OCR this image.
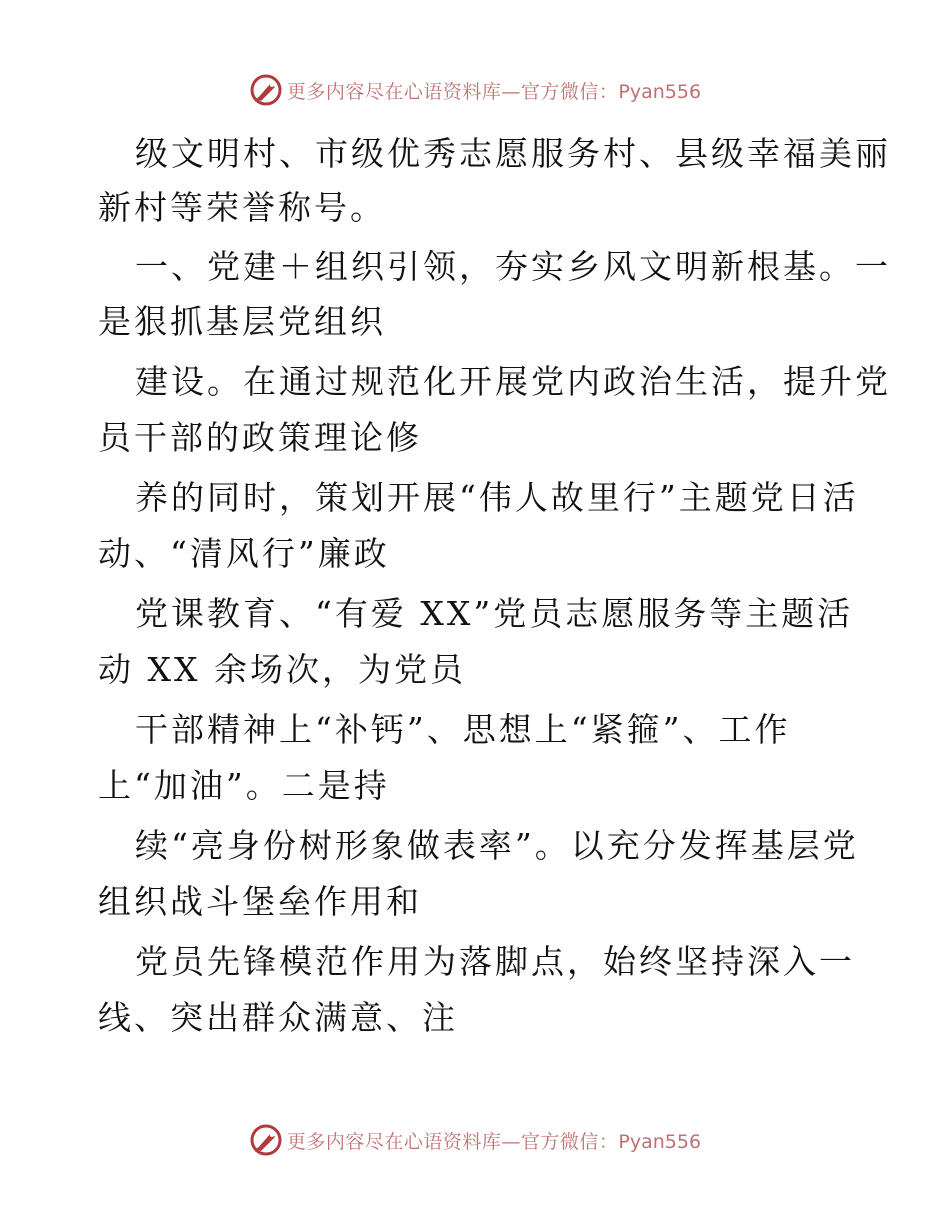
更多内容尽在心语资料库—官方微信：Pyan556
级文明村、市级优秀志愿服务村、县级幸福美丽
新村等荣誉称号。
一、党建＋组织引领，夯实乡风文明新根基。一
是狠抓基层党组织
建设。在通过规范化开展党内政治生活，提升党
员干部的政策理论修
养的同时，策划开展“伟人故里行”主题党日活
动、“清风行”廉政
党课教育、“有爱 XX”党员志愿服务等主题活
动 XX 余场次，为党员
干部精神上“补钙”、思想上“紧箍”、工作
上“加油”。二是持
续“亮身份树形象做表率”。以充分发挥基层党
组织战斗堡垒作用和
党员先锋模范作用为落脚点，始终坚持深入一
线、突出群众满意、注
更多内容尽在心语资料库—官方微信：Pyan556
